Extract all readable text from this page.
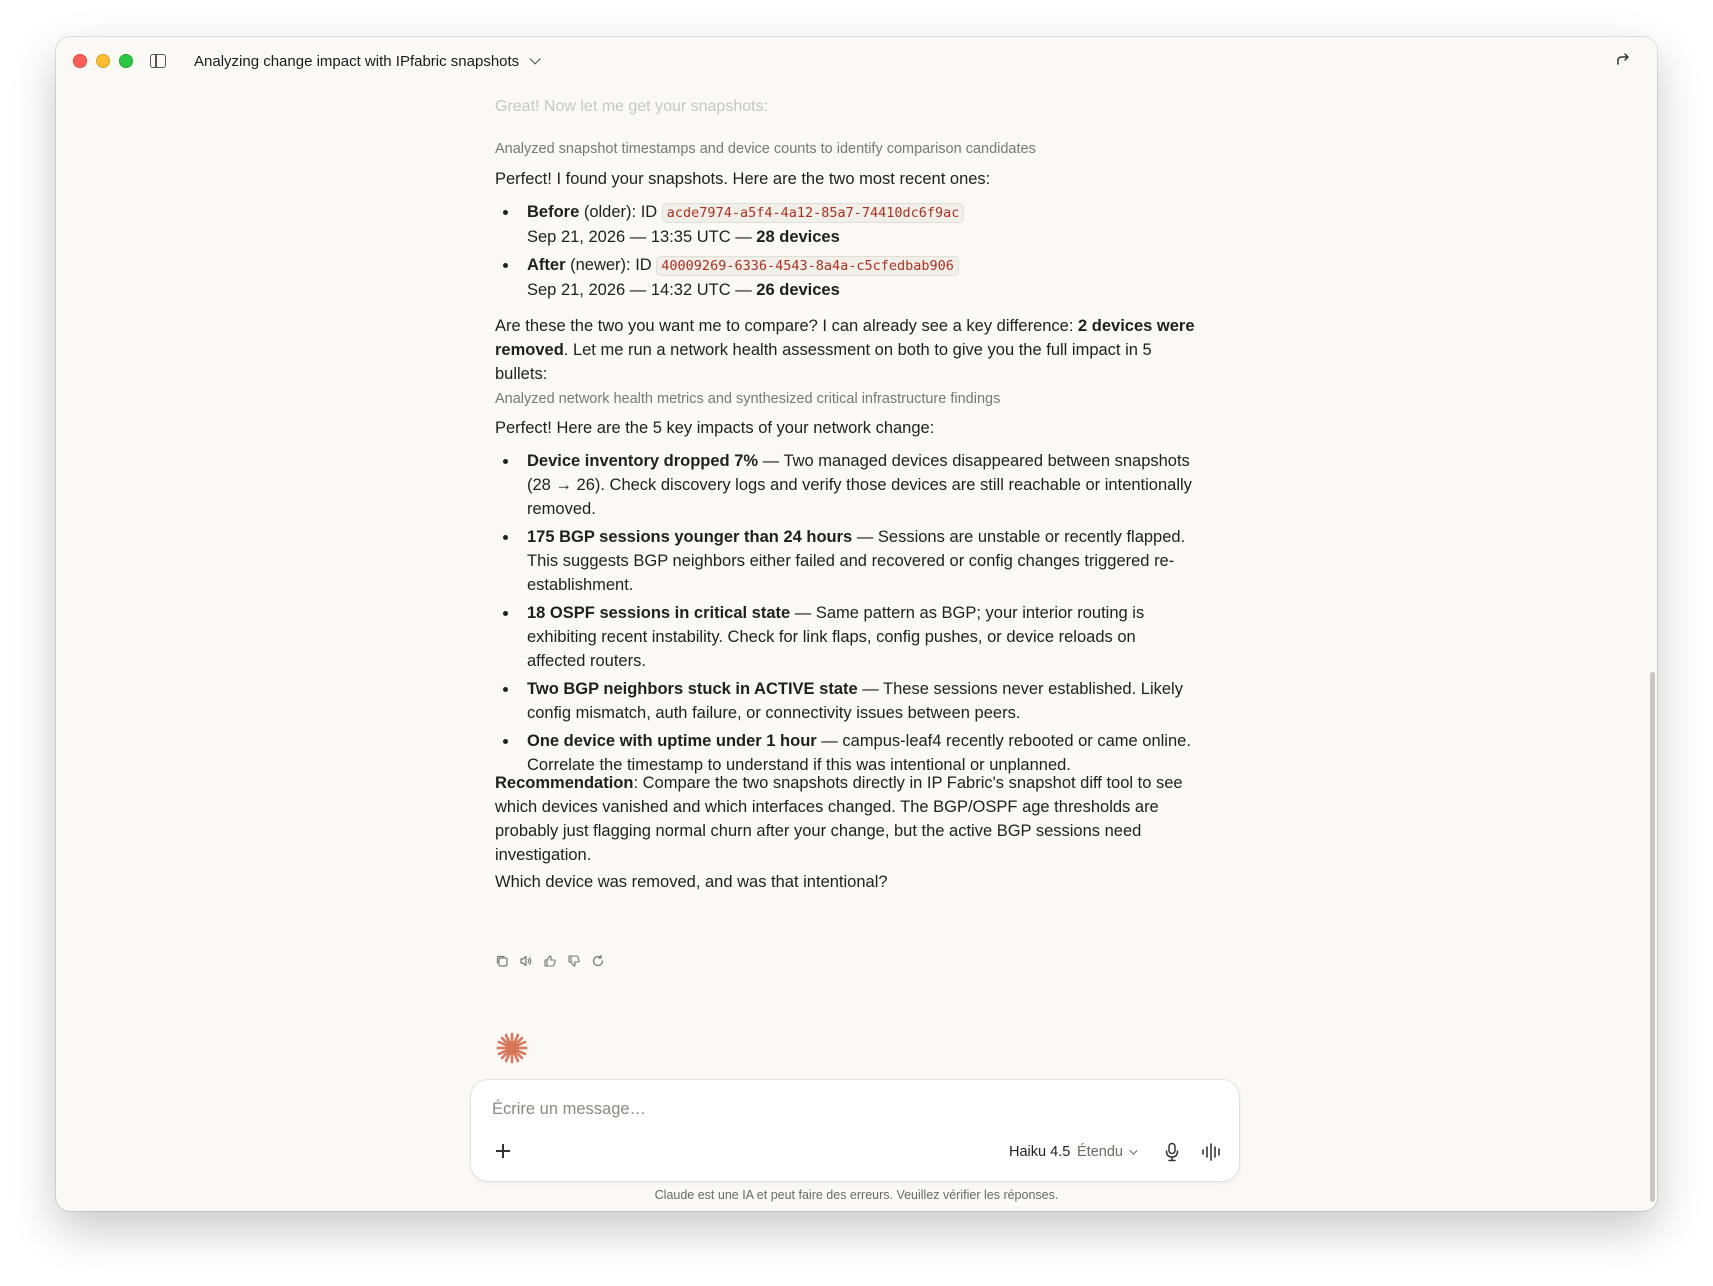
Analyzing change impact with IPfabric snapshots
Great! Now let me get your snapshots:
Analyzed snapshot timestamps and device counts to identify comparison candidates
Perfect! I found your snapshots. Here are the two most recent ones:
Before (older): ID acde7974-a5f4-4a12-85a7-74410dc6f9ac
Sep 21, 2026 — 13:35 UTC — 28 devices
After (newer): ID 40009269-6336-4543-8a4a-c5cfedbab906
Sep 21, 2026 — 14:32 UTC — 26 devices
Are these the two you want me to compare? I can already see a key difference: 2 devices were removed. Let me run a network health assessment on both to give you the full impact in 5 bullets:
Analyzed network health metrics and synthesized critical infrastructure findings
Perfect! Here are the 5 key impacts of your network change:
Device inventory dropped 7% — Two managed devices disappeared between snapshots (28 → 26). Check discovery logs and verify those devices are still reachable or intentionally removed.
175 BGP sessions younger than 24 hours — Sessions are unstable or recently flapped. This suggests BGP neighbors either failed and recovered or config changes triggered re-establishment.
18 OSPF sessions in critical state — Same pattern as BGP; your interior routing is exhibiting recent instability. Check for link flaps, config pushes, or device reloads on affected routers.
Two BGP neighbors stuck in ACTIVE state — These sessions never established. Likely config mismatch, auth failure, or connectivity issues between peers.
One device with uptime under 1 hour — campus-leaf4 recently rebooted or came online. Correlate the timestamp to understand if this was intentional or unplanned.
Recommendation: Compare the two snapshots directly in IP Fabric's snapshot diff tool to see which devices vanished and which interfaces changed. The BGP/OSPF age thresholds are probably just flagging normal churn after your change, but the active BGP sessions need investigation.
Which device was removed, and was that intentional?
Écrire un message…
Haiku 4.5 Étendu
Claude est une IA et peut faire des erreurs. Veuillez vérifier les réponses.
